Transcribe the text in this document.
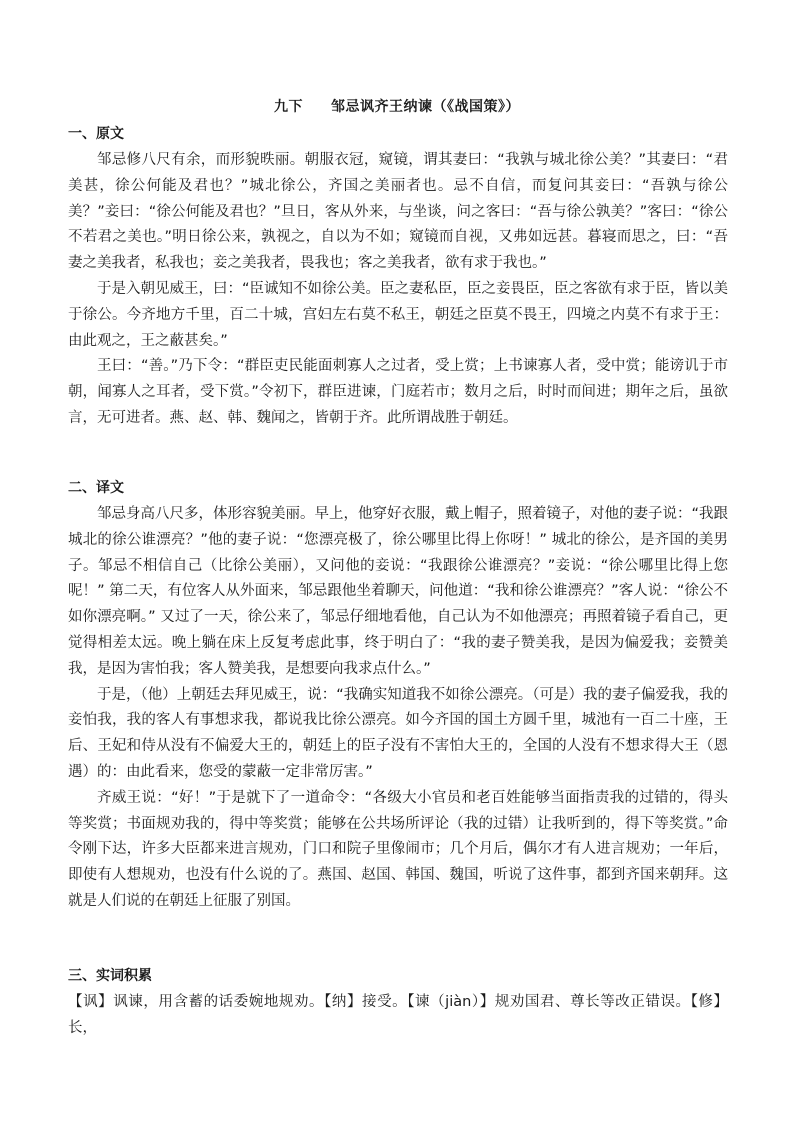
九下 邹忌讽齐王纳谏（《战国策》）
一、原文

邹忌修八尺有余，而形貌昳丽。朝服衣冠，窥镜，谓其妻曰：“我孰与城北徐公美？”其妻曰：“君美甚，徐公何能及君也？”城北徐公，齐国之美丽者也。忌不自信，而复问其妾曰：“吾孰与徐公美？”妾曰：“徐公何能及君也？”旦日，客从外来，与坐谈，问之客曰：“吾与徐公孰美？”客曰：“徐公不若君之美也。”明日徐公来，孰视之，自以为不如；窥镜而自视，又弗如远甚。暮寝而思之，曰：“吾妻之美我者，私我也；妾之美我者，畏我也；客之美我者，欲有求于我也。”

于是入朝见威王，曰：“臣诚知不如徐公美。臣之妻私臣，臣之妾畏臣，臣之客欲有求于臣，皆以美于徐公。今齐地方千里，百二十城，宫妇左右莫不私王，朝廷之臣莫不畏王，四境之内莫不有求于王：由此观之，王之蔽甚矣。”

王曰：“善。”乃下令：“群臣吏民能面刺寡人之过者，受上赏；上书谏寡人者，受中赏；能谤讥于市朝，闻寡人之耳者，受下赏。”令初下，群臣进谏，门庭若市；数月之后，时时而间进；期年之后，虽欲言，无可进者。燕、赵、韩、魏闻之，皆朝于齐。此所谓战胜于朝廷。

二、译文

邹忌身高八尺多，体形容貌美丽。早上，他穿好衣服，戴上帽子，照着镜子，对他的妻子说：“我跟城北的徐公谁漂亮？”他的妻子说：“您漂亮极了，徐公哪里比得上你呀！” 城北的徐公，是齐国的美男子。邹忌不相信自己（比徐公美丽），又问他的妾说：“我跟徐公谁漂亮？”妾说：“徐公哪里比得上您呢！” 第二天，有位客人从外面来，邹忌跟他坐着聊天，问他道：“我和徐公谁漂亮？”客人说：“徐公不如你漂亮啊。” 又过了一天，徐公来了，邹忌仔细地看他，自己认为不如他漂亮；再照着镜子看自己，更觉得相差太远。晚上躺在床上反复考虑此事，终于明白了：“我的妻子赞美我，是因为偏爱我；妾赞美我，是因为害怕我；客人赞美我，是想要向我求点什么。”

于是，（他）上朝廷去拜见威王，说：“我确实知道我不如徐公漂亮。（可是）我的妻子偏爱我，我的妾怕我，我的客人有事想求我，都说我比徐公漂亮。如今齐国的国土方圆千里，城池有一百二十座，王后、王妃和侍从没有不偏爱大王的，朝廷上的臣子没有不害怕大王的，全国的人没有不想求得大王（恩遇）的：由此看来，您受的蒙蔽一定非常厉害。”

齐威王说：“好！”于是就下了一道命令：“各级大小官员和老百姓能够当面指责我的过错的，得头等奖赏；书面规劝我的，得中等奖赏；能够在公共场所评论（我的过错）让我听到的，得下等奖赏。”命令刚下达，许多大臣都来进言规劝，门口和院子里像闹市；几个月后，偶尔才有人进言规劝；一年后，即使有人想规劝，也没有什么说的了。燕国、赵国、韩国、魏国，听说了这件事，都到齐国来朝拜。这就是人们说的在朝廷上征服了别国。

三、实词积累

【讽】讽谏，用含蓄的话委婉地规劝。【纳】接受。【谏（jiàn）】规劝国君、尊长等改正错误。【修】长，
